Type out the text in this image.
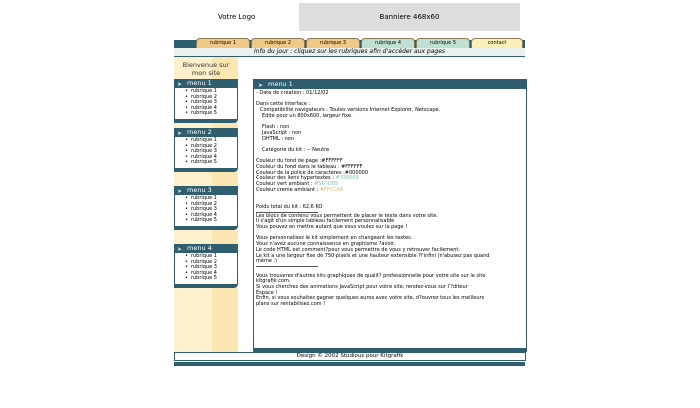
Votre Logo	Banniere 468x60
rubrique 1	rubrique 2	rubrique 3	rubrique 4	rubrique 5	contact
Info du jour : cliquez sur les rubriques afin d'accéder aux pages
Bienvenue sur
mon site
➤ menu 1
• rubrique 1
• rubrique 2
• rubrique 3
• rubrique 4
• rubrique 5
➤ menu 2
• rubrique 1
• rubrique 2
• rubrique 3
• rubrique 4
• rubrique 5
➤ menu 3
• rubrique 1
• rubrique 2
• rubrique 3
• rubrique 4
• rubrique 5
➤ menu 4
• rubrique 1
• rubrique 2
• rubrique 3
• rubrique 4
• rubrique 5
➤ menu 1
- Date de création : 01/12/02
Dans cette interface :
Compatibilité navigateurs : Toutes versions Internet Explorer, Netscape.
Edité pour un 800x600, largeur fixe.
Flash : non
JavaScript : non
DHTML : non
Catégorie du kit : -- Neutre
Couleur du fond de page :#FFFFFF
Couleur du fond dans le tableau : #FFFFFF
Couleur de la police de caractères :#000000
Couleur des liens hypertextes : #336666
Couleur vert ambiant : #567D85
Couleur creme ambiant : #FFCC66
Poids total du kit : 62,6 KO
Les blocs de contenu vous permettent de placer le texte dans votre site.
Il s'agit d'un simple tableau facilement personnalisable
Vous pouvez en mettre autant que vous voulez sur la page !
Vous personnalisez le kit simplement en changeant les textes.
Vous n'avez aucune connaissence en graphisme ?avoir.
Le code HTML est comment?pour vous permettre de vous y retrouver facilement.
Le kit a une largeur fixe de 750 pixels et une hauteur extensible ?l'infini (n'abusez pas quand
même :)
Vous trouverez d'autres kits graphiques de qualit? professionnelle pour votre site sur le site
kitgrafik.com.
Si vous cherchez des animations JavaScript pour votre site, rendez-vous sur l'?diteur
Espace !
Enfin, si vous souhaitez gagner quelques euros avec votre site, d?ouvrez tous les meilleurs
plans sur rentabilisez.com !
Design © 2002 Studious pour Kitgrafik
